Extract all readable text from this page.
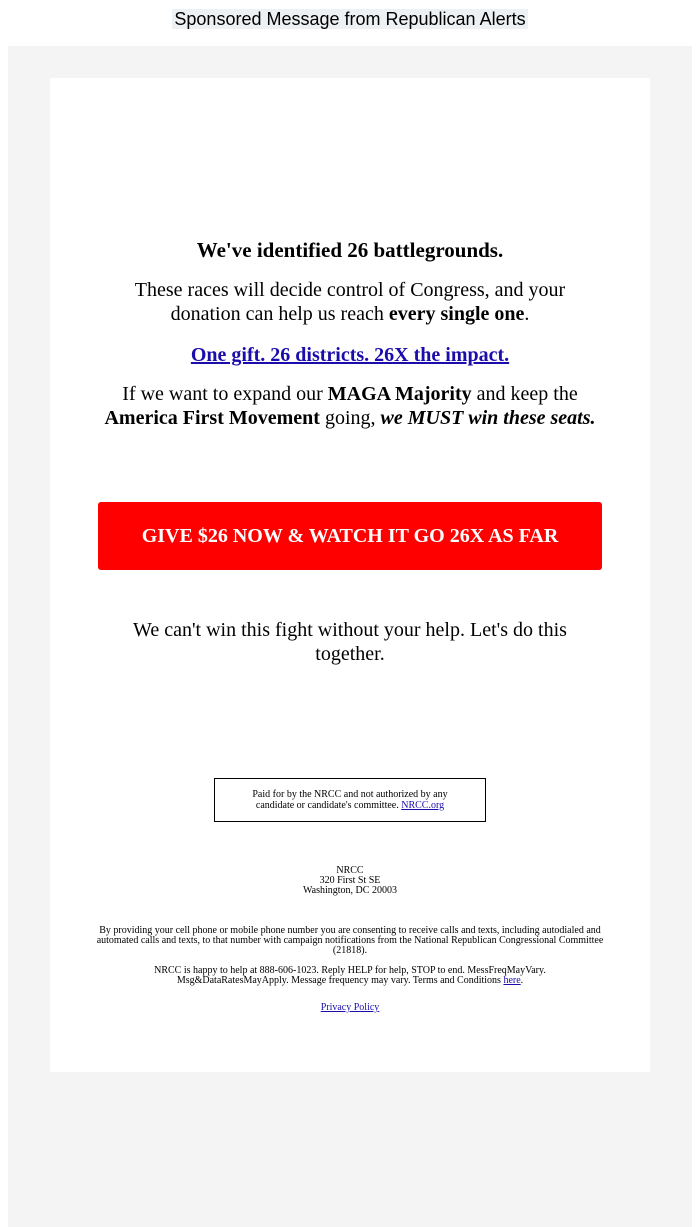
Sponsored Message from Republican Alerts

We've identified 26 battlegrounds.

These races will decide control of Congress, and your donation can help us reach every single one.

One gift. 26 districts. 26X the impact.

If we want to expand our MAGA Majority and keep the America First Movement going, we MUST win these seats.

GIVE $26 NOW & WATCH IT GO 26X AS FAR

We can't win this fight without your help. Let's do this together.

Paid for by the NRCC and not authorized by any candidate or candidate's committee. NRCC.org
NRCC
320 First St SE
Washington, DC 20003

By providing your cell phone or mobile phone number you are consenting to receive calls and texts, including autodialed and automated calls and texts, to that number with campaign notifications from the National Republican Congressional Committee (21818).

NRCC is happy to help at 888-606-1023. Reply HELP for help, STOP to end. MessFreqMayVary. Msg&DataRatesMayApply. Message frequency may vary. Terms and Conditions here.

Privacy Policy
